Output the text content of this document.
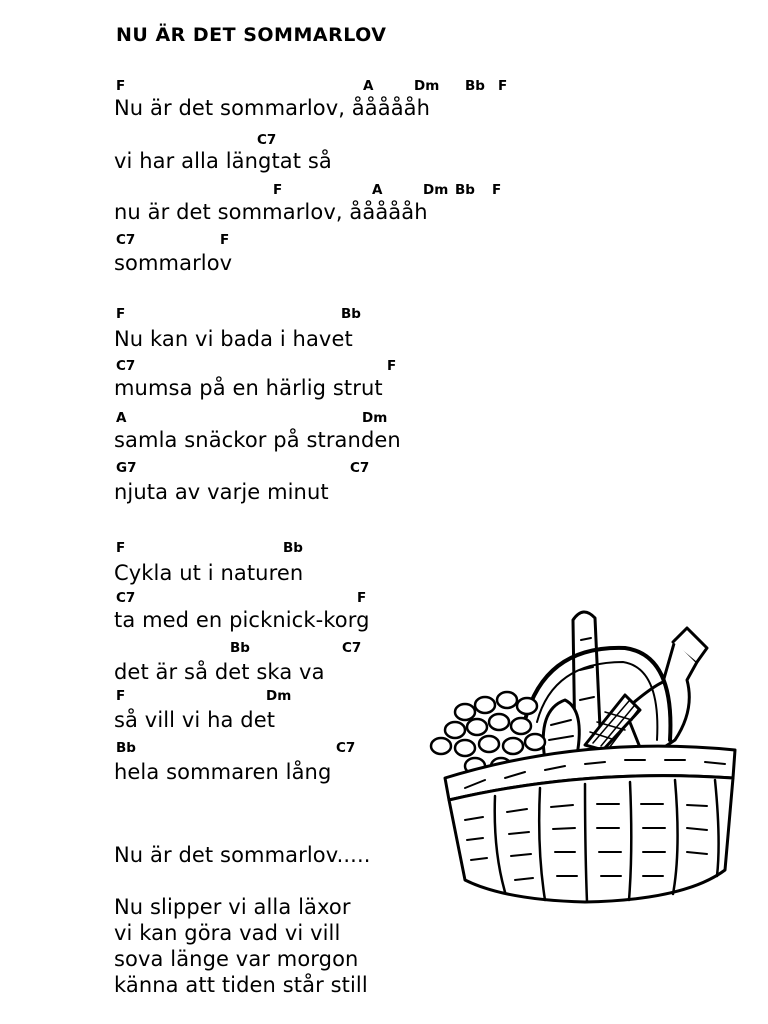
NU ÄR DET SOMMARLOV
F	A	Dm Bb F
Nu är det sommarlov, åååååh
C7
vi har alla längtat så
F	A	Dm Bb F
nu är det sommarlov, åååååh
C7	F
sommarlov
F	Bb
Nu kan vi bada i havet
C7	F
mumsa på en härlig strut
A	Dm
samla snäckor på stranden
G7	C7
njuta av varje minut
F	Bb
Cykla ut i naturen
C7	F
ta med en picknick-korg
Bb	C7
det är så det ska va
F	Dm
så vill vi ha det
Bb	C7
hela sommaren lång
Nu är det sommarlov.....
Nu slipper vi alla läxor
vi kan göra vad vi vill
sova länge var morgon
känna att tiden står still
